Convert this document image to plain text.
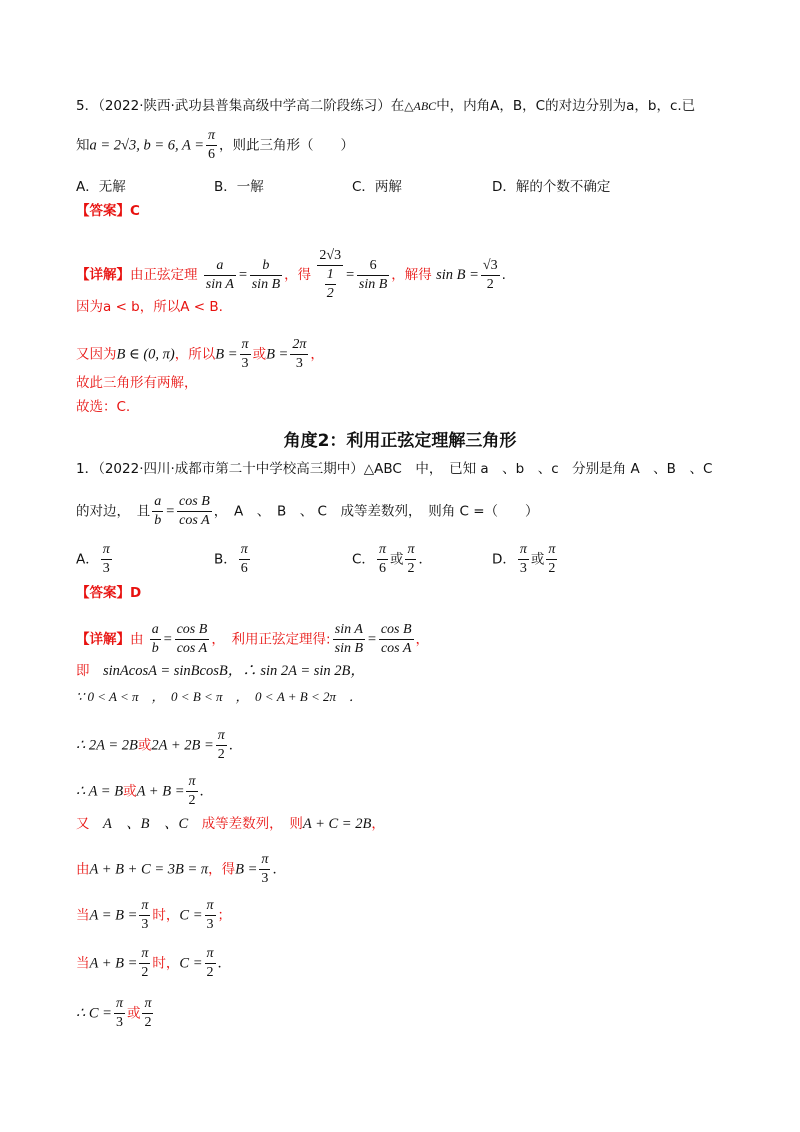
5．（2022·陕西·武功县普集高级中学高二阶段练习）在△ABC中，内角A，B，C的对边分别为a，b，c.已
知a = 2√3, b = 6, $A = \frac{\pi}{6}$ ，则此三角形（　　）
A．无解	B．一解	C．两解	D．解的个数不确定
【答案】C
【详解】由正弦定理 $\frac{a}{\text{sin A}} = \frac{b}{\text{sin B}}$ ，得 $\frac{2√3}{\frac{1}{2}} = \frac{6}{\text{sin B}}$ ，解得 $\sin B = \frac{√3}{2}$ .
因为a < b，所以A < B.
又因为B ∈ (0, π)，所以$B = \frac{\pi}{3}$ 或$B = \frac{2\pi}{3}$ ，
故此三角形有两解，
故选：C.
角度2：利用正弦定理解三角形
1．（2022·四川·成都市第二十中学校高三期中）△ABC　中，　已知 a　、b　、c　分别是角 A　、B　、C
的对边，　且 $\frac{a}{b} = \frac{\text{cos B}}{\text{cos A}}$ ，　A　、　B　、 C　成等差数列，　则角 C =（　　）
A． $\frac{\pi}{3}$	B． $\frac{\pi}{6}$	C． $\frac{\pi}{6}$ 或 $\frac{\pi}{2}$ ．	D． $\frac{\pi}{3}$ 或 $\frac{\pi}{2}$
【答案】D
【详解】由 $\frac{a}{b} = \frac{\text{cos B}}{\text{cos A}}$ ，　利用正弦定理得: $\frac{\text{sin A}}{\text{sin B}} = \frac{\text{cos B}}{\text{cos A}}$ ，
即　 sinAcosA = sinBcosB，∴ sin 2A = sin 2B，
∵ 0 < A < π　，　0 < B < π　，　0 < A + B < 2π　．
∴ 2A = 2B或$2A + 2B = \frac{\pi}{2}$ ．
∴ A = B或$A + B = \frac{\pi}{2}$ ．
又　 A　、B　、C　 成等差数列，　则A + C = 2B，
由A + B + C = 3B = π，得$B = \frac{\pi}{3}$ ．
当$A = B = \frac{\pi}{3}$ 时，$C = \frac{\pi}{3}$ ；
当$A + B = \frac{\pi}{2}$ 时，$C = \frac{\pi}{2}$ ．
∴ $C = \frac{\pi}{3}$ 或 $\frac{\pi}{2}$
